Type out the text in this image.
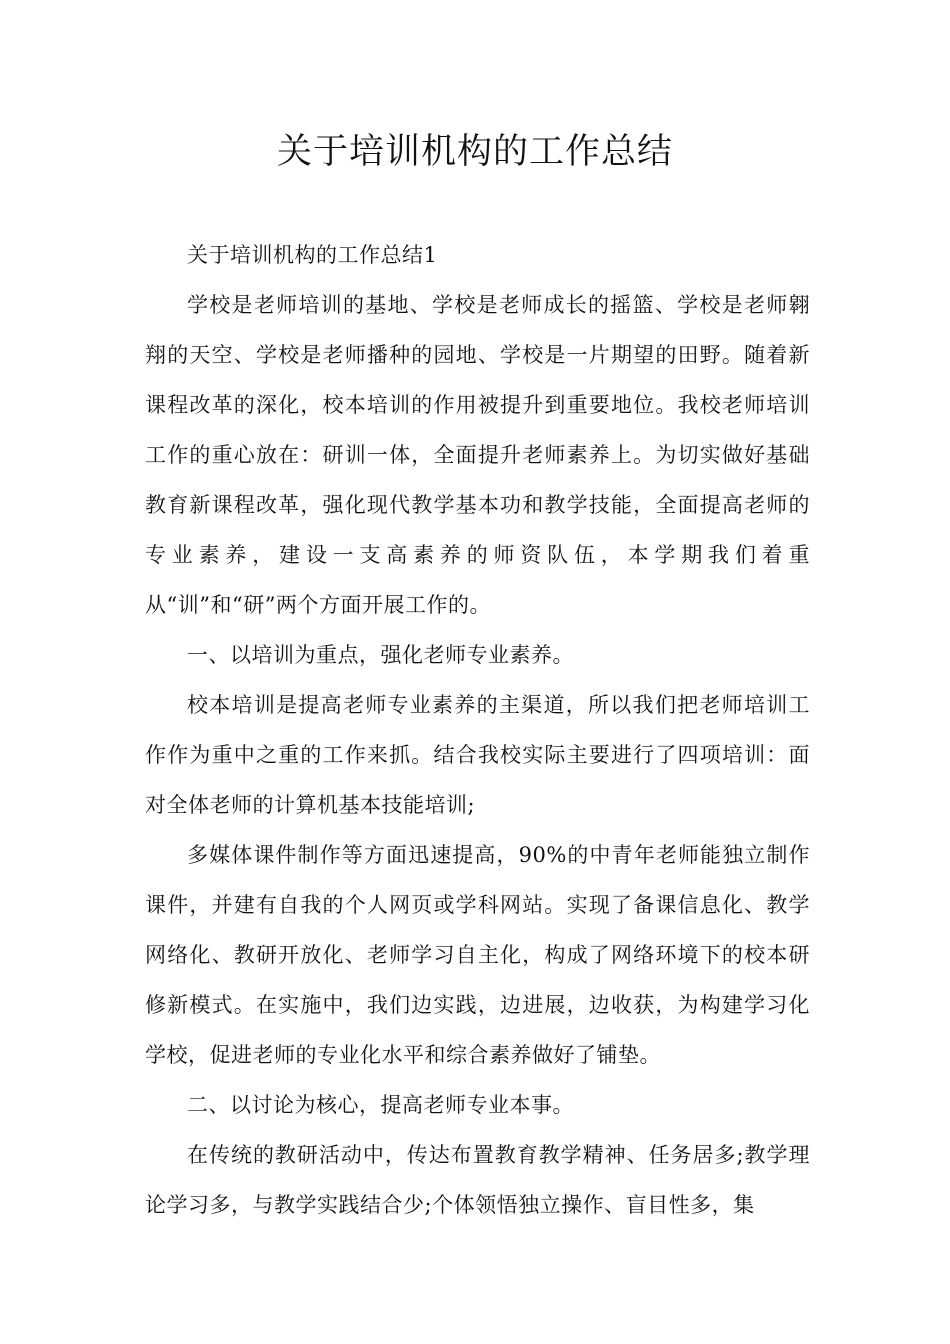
关于培训机构的工作总结

关于培训机构的工作总结1

学校是老师培训的基地、学校是老师成长的摇篮、学校是老师翱翔的天空、学校是老师播种的园地、学校是一片期望的田野。随着新课程改革的深化，校本培训的作用被提升到重要地位。我校老师培训工作的重心放在：研训一体，全面提升老师素养上。为切实做好基础教育新课程改革，强化现代教学基本功和教学技能，全面提高老师的专业素养，建设一支高素养的师资队伍，本学期我们着重从“训”和“研”两个方面开展工作的。

一、以培训为重点，强化老师专业素养。

校本培训是提高老师专业素养的主渠道，所以我们把老师培训工作作为重中之重的工作来抓。结合我校实际主要进行了四项培训：面对全体老师的计算机基本技能培训;

多媒体课件制作等方面迅速提高，90%的中青年老师能独立制作课件，并建有自我的个人网页或学科网站。实现了备课信息化、教学网络化、教研开放化、老师学习自主化，构成了网络环境下的校本研修新模式。在实施中，我们边实践，边进展，边收获，为构建学习化学校，促进老师的专业化水平和综合素养做好了铺垫。

二、以讨论为核心，提高老师专业本事。

在传统的教研活动中，传达布置教育教学精神、任务居多;教学理论学习多，与教学实践结合少;个体领悟独立操作、盲目性多，集
